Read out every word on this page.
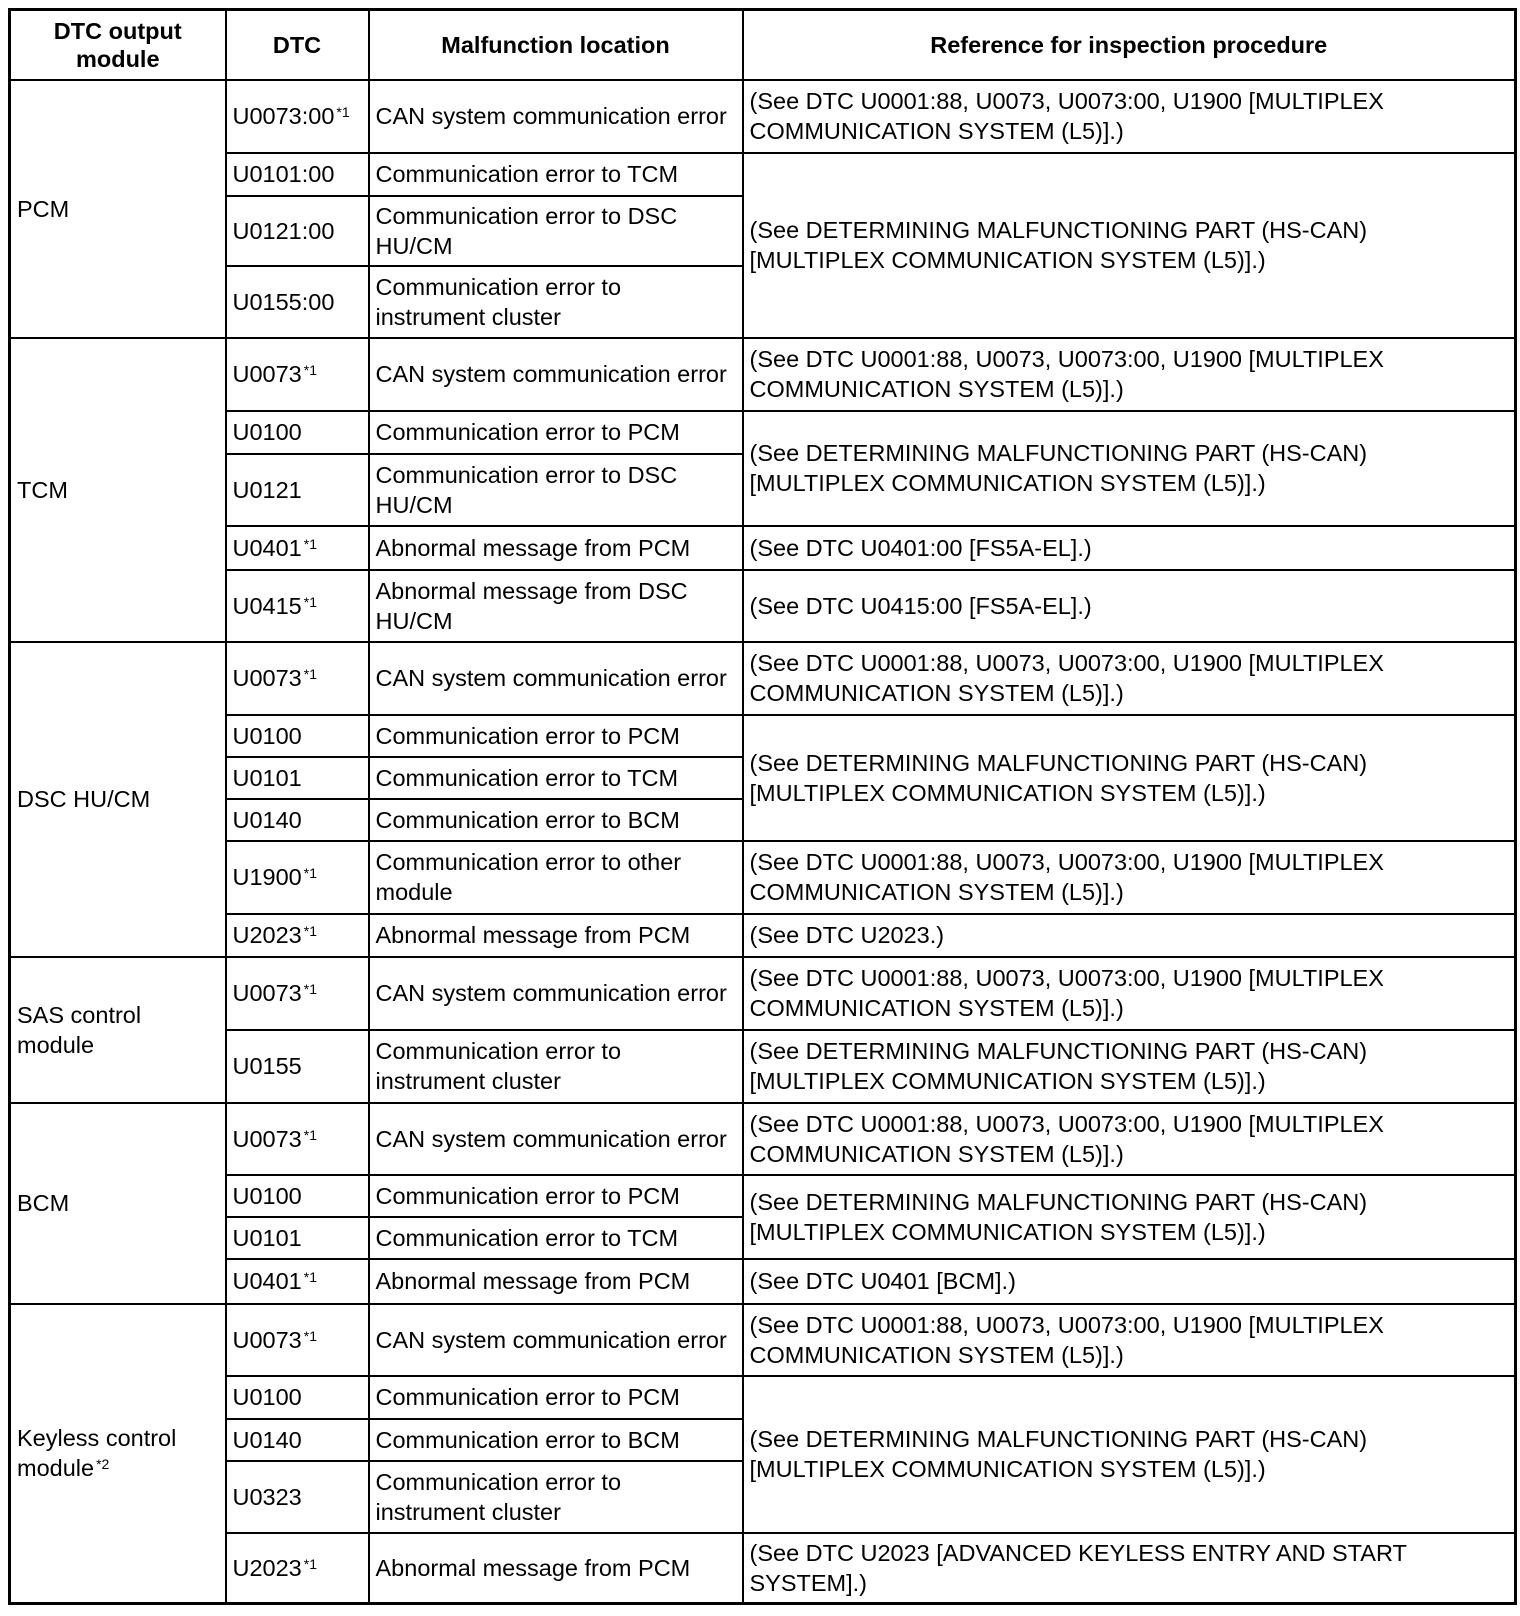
DTC output module	DTC	Malfunction location	Reference for inspection procedure
PCM	U0073:00 $^{*1}$	CAN system communication error	(See DTC U0001:88, U0073, U0073:00, U1900 [MULTIPLEX COMMUNICATION SYSTEM (L5)].)
	U0101:00	Communication error to TCM	(See DETERMINING MALFUNCTIONING PART (HS-CAN) [MULTIPLEX COMMUNICATION SYSTEM (L5)].)
	U0121:00	Communication error to DSC HU/CM	
	U0155:00	Communication error to instrument cluster	
TCM	U0073 $^{*1}$	CAN system communication error	(See DTC U0001:88, U0073, U0073:00, U1900 [MULTIPLEX COMMUNICATION SYSTEM (L5)].)
	U0100	Communication error to PCM	(See DETERMINING MALFUNCTIONING PART (HS-CAN) [MULTIPLEX COMMUNICATION SYSTEM (L5)].)
	U0121	Communication error to DSC HU/CM	
	U0401 $^{*1}$	Abnormal message from PCM	(See DTC U0401:00 [FS5A-EL].)
	U0415 $^{*1}$	Abnormal message from DSC HU/CM	(See DTC U0415:00 [FS5A-EL].)
DSC HU/CM	U0073 $^{*1}$	CAN system communication error	(See DTC U0001:88, U0073, U0073:00, U1900 [MULTIPLEX COMMUNICATION SYSTEM (L5)].)
	U0100	Communication error to PCM	(See DETERMINING MALFUNCTIONING PART (HS-CAN) [MULTIPLEX COMMUNICATION SYSTEM (L5)].)
	U0101	Communication error to TCM	
	U0140	Communication error to BCM	
	U1900 $^{*1}$	Communication error to other module	(See DTC U0001:88, U0073, U0073:00, U1900 [MULTIPLEX COMMUNICATION SYSTEM (L5)].)
	U2023 $^{*1}$	Abnormal message from PCM	(See DTC U2023.)
SAS control module	U0073 $^{*1}$	CAN system communication error	(See DTC U0001:88, U0073, U0073:00, U1900 [MULTIPLEX COMMUNICATION SYSTEM (L5)].)
	U0155	Communication error to instrument cluster	(See DETERMINING MALFUNCTIONING PART (HS-CAN) [MULTIPLEX COMMUNICATION SYSTEM (L5)].)
BCM	U0073 $^{*1}$	CAN system communication error	(See DTC U0001:88, U0073, U0073:00, U1900 [MULTIPLEX COMMUNICATION SYSTEM (L5)].)
	U0100	Communication error to PCM	(See DETERMINING MALFUNCTIONING PART (HS-CAN) [MULTIPLEX COMMUNICATION SYSTEM (L5)].)
	U0101	Communication error to TCM	
	U0401 $^{*1}$	Abnormal message from PCM	(See DTC U0401 [BCM].)
Keyless control module $^{*2}$	U0073 $^{*1}$	CAN system communication error	(See DTC U0001:88, U0073, U0073:00, U1900 [MULTIPLEX COMMUNICATION SYSTEM (L5)].)
	U0100	Communication error to PCM	(See DETERMINING MALFUNCTIONING PART (HS-CAN) [MULTIPLEX COMMUNICATION SYSTEM (L5)].)
	U0140	Communication error to BCM	
	U0323	Communication error to instrument cluster	
	U2023 $^{*1}$	Abnormal message from PCM	(See DTC U2023 [ADVANCED KEYLESS ENTRY AND START SYSTEM].)
